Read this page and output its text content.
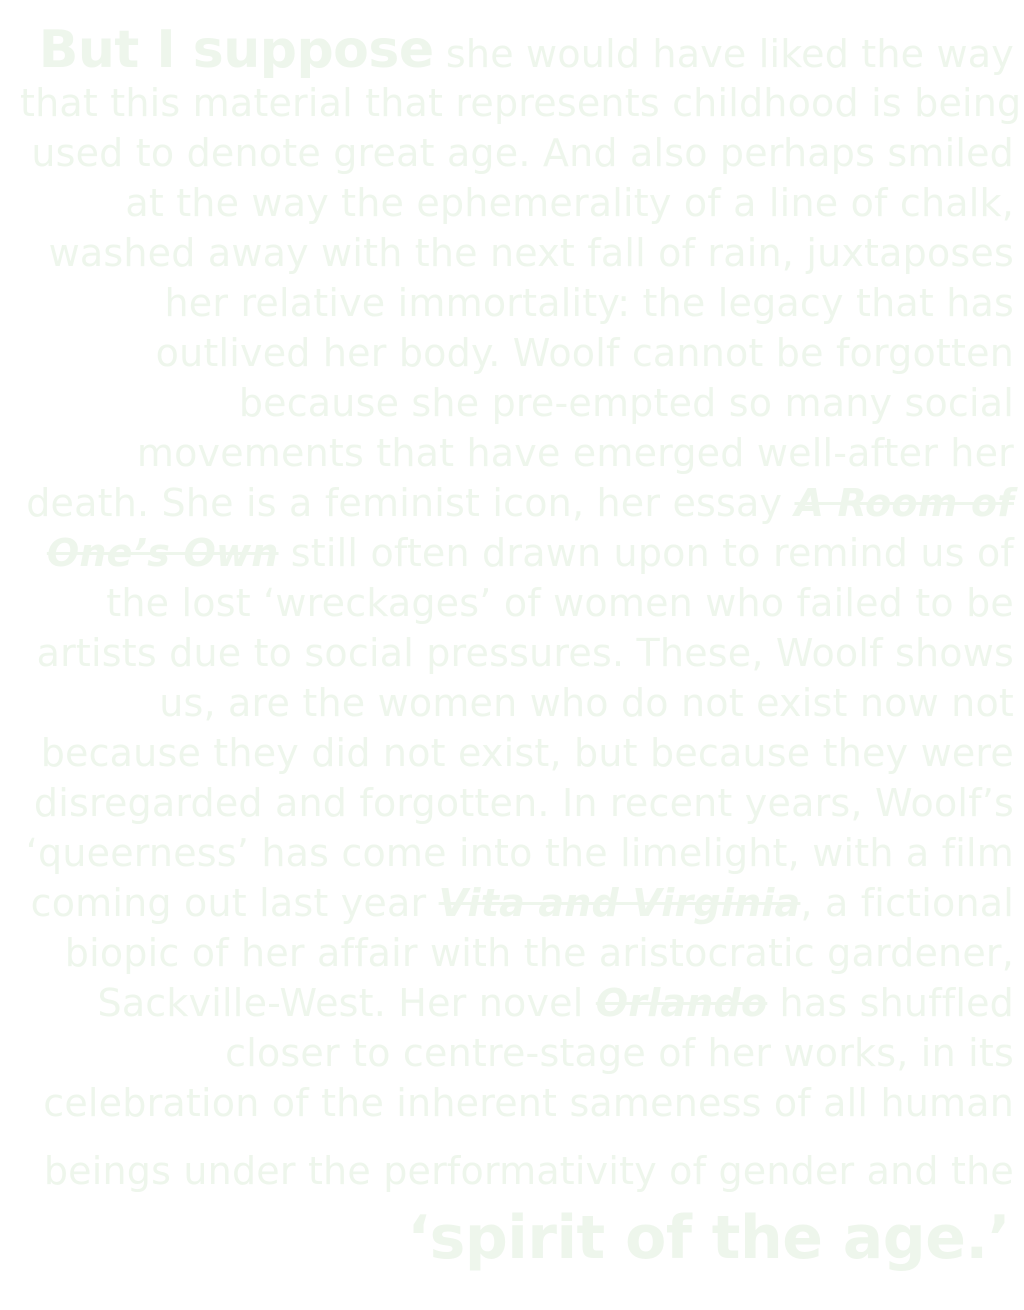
But I suppose she would have liked the way
that this material that represents childhood is being
used to denote great age. And also perhaps smiled
at the way the ephemerality of a line of chalk,
washed away with the next fall of rain, juxtaposes
her relative immortality: the legacy that has
outlived her body. Woolf cannot be forgotten
because she pre-empted so many social
movements that have emerged well-after her
death. She is a feminist icon, her essay A Room of
One’s Own still often drawn upon to remind us of
the lost ‘wreckages’ of women who failed to be
artists due to social pressures. These, Woolf shows
us, are the women who do not exist now not
because they did not exist, but because they were
disregarded and forgotten. In recent years, Woolf’s
‘queerness’ has come into the limelight, with a film
coming out last year Vita and Virginia, a fictional
biopic of her affair with the aristocratic gardener,
Sackville-West. Her novel Orlando has shuffled
closer to centre-stage of her works, in its
celebration of the inherent sameness of all human
beings under the performativity of gender and the
‘spirit of the age.’
